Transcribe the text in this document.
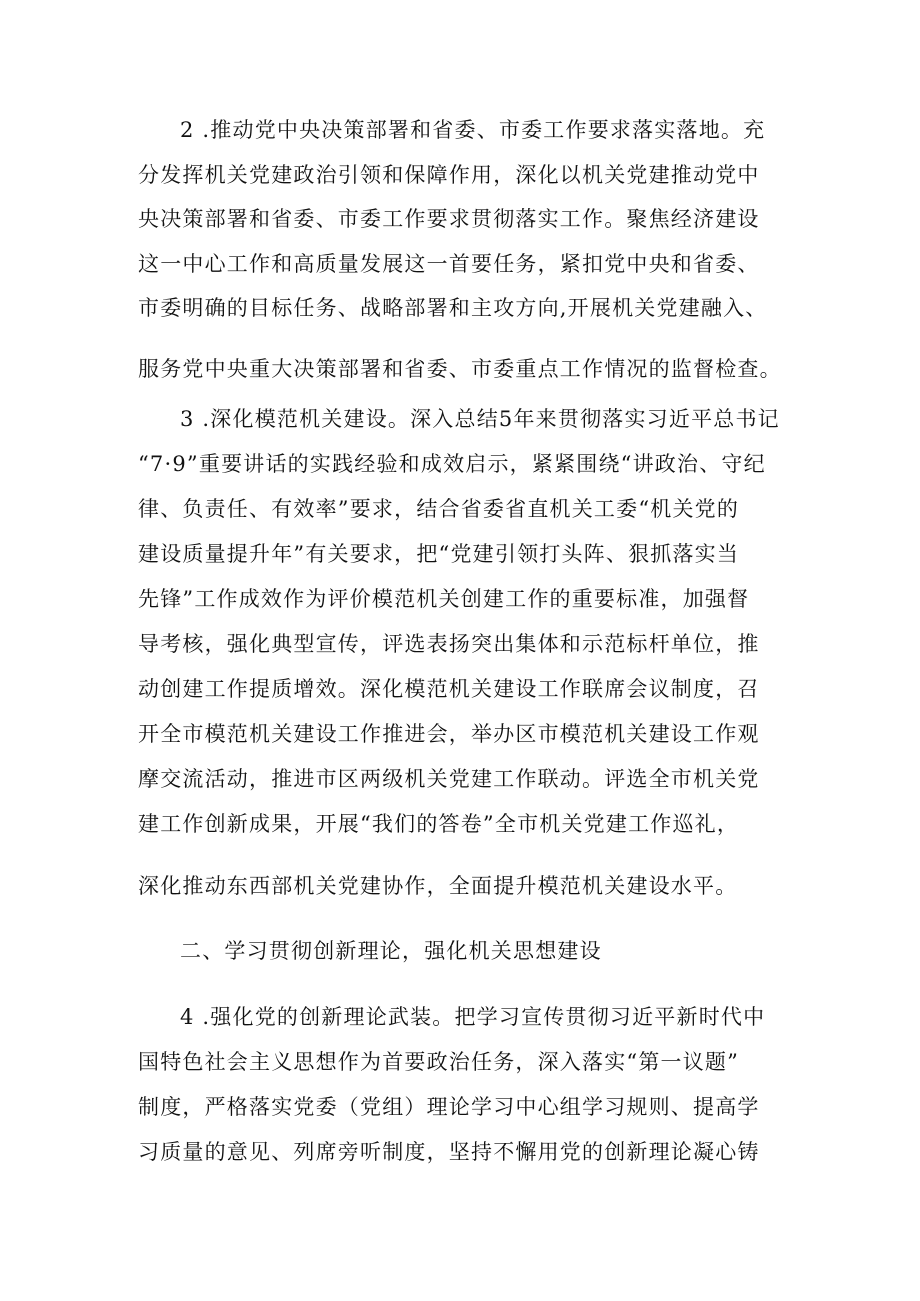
2 .推动党中央决策部署和省委、市委工作要求落实落地。充

分发挥机关党建政治引领和保障作用，深化以机关党建推动党中

央决策部署和省委、市委工作要求贯彻落实工作。聚焦经济建设

这一中心工作和高质量发展这一首要任务，紧扣党中央和省委、

市委明确的目标任务、战略部署和主攻方向,开展机关党建融入、

服务党中央重大决策部署和省委、市委重点工作情况的监督检查。

3 .深化模范机关建设。深入总结5年来贯彻落实习近平总书记

“7·9”重要讲话的实践经验和成效启示，紧紧围绕“讲政治、守纪

律、负责任、有效率”要求，结合省委省直机关工委“机关党的

建设质量提升年”有关要求，把“党建引领打头阵、狠抓落实当

先锋”工作成效作为评价模范机关创建工作的重要标准，加强督

导考核，强化典型宣传，评选表扬突出集体和示范标杆单位，推

动创建工作提质增效。深化模范机关建设工作联席会议制度，召

开全市模范机关建设工作推进会，举办区市模范机关建设工作观

摩交流活动，推进市区两级机关党建工作联动。评选全市机关党

建工作创新成果，开展“我们的答卷”全市机关党建工作巡礼，

深化推动东西部机关党建协作，全面提升模范机关建设水平。

二、学习贯彻创新理论，强化机关思想建设

4 .强化党的创新理论武装。把学习宣传贯彻习近平新时代中

国特色社会主义思想作为首要政治任务，深入落实“第一议题”

制度，严格落实党委（党组）理论学习中心组学习规则、提高学

习质量的意见、列席旁听制度，坚持不懈用党的创新理论凝心铸
